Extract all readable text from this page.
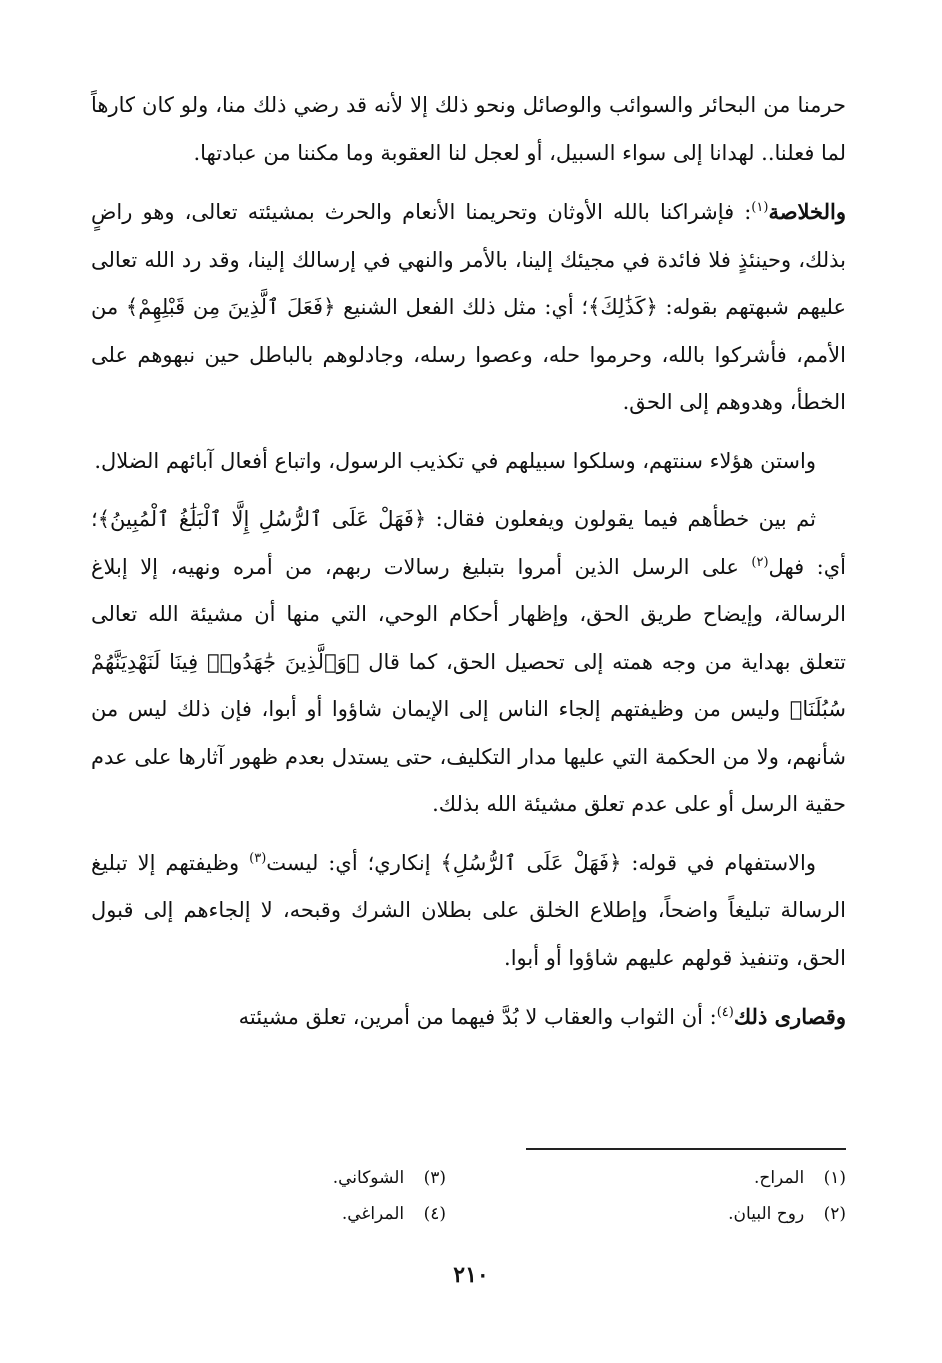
حرمنا من البحائر والسوائب والوصائل ونحو ذلك إلا لأنه قد رضي ذلك منا، ولو كان كارهاً لما فعلنا.. لهدانا إلى سواء السبيل، أو لعجل لنا العقوبة وما مكننا من عبادتها.

والخلاصة$^{(١)}$: فإشراكنا بالله الأوثان وتحريمنا الأنعام والحرث بمشيئته تعالى، وهو راضٍ بذلك، وحينئذٍ فلا فائدة في مجيئك إلينا، بالأمر والنهي في إرسالك إلينا، وقد رد الله تعالى عليهم شبهتهم بقوله: ﴿كَذَٰلِكَ﴾؛ أي: مثل ذلك الفعل الشنيع ﴿فَعَلَ ٱلَّذِينَ مِن قَبْلِهِمْ﴾ من الأمم، فأشركوا بالله، وحرموا حله، وعصوا رسله، وجادلوهم بالباطل حين نبهوهم على الخطأ، وهدوهم إلى الحق.

واستن هؤلاء سنتهم، وسلكوا سبيلهم في تكذيب الرسول، واتباع أفعال آبائهم الضلال.

ثم بين خطأهم فيما يقولون ويفعلون فقال: ﴿فَهَلْ عَلَى ٱلرُّسُلِ إِلَّا ٱلْبَلَٰغُ ٱلْمُبِينُ﴾؛ أي: فهل$^{(٢)}$ على الرسل الذين أمروا بتبليغ رسالات ربهم، من أمره ونهيه، إلا إبلاغ الرسالة، وإيضاح طريق الحق، وإظهار أحكام الوحي، التي منها أن مشيئة الله تعالى تتعلق بهداية من وجه همته إلى تحصيل الحق، كما قال ﴿وَٱلَّذِينَ جَٰهَدُوا۟ فِينَا لَنَهْدِيَنَّهُمْ سُبُلَنَا﴾ وليس من وظيفتهم إلجاء الناس إلى الإيمان شاؤوا أو أبوا، فإن ذلك ليس من شأنهم، ولا من الحكمة التي عليها مدار التكليف، حتى يستدل بعدم ظهور آثارها على عدم حقية الرسل أو على عدم تعلق مشيئة الله بذلك.

والاستفهام في قوله: ﴿فَهَلْ عَلَى ٱلرُّسُلِ﴾ إنكاري؛ أي: ليست$^{(٣)}$ وظيفتهم إلا تبليغ الرسالة تبليغاً واضحاً، وإطلاع الخلق على بطلان الشرك وقبحه، لا إلجاءهم إلى قبول الحق، وتنفيذ قولهم عليهم شاؤوا أو أبوا.

وقصارى ذلك$^{(٤)}$: أن الثواب والعقاب لا بُدَّ فيهما من أمرين، تعلق مشيئته

(١) المراح.
(٢) روح البيان.
(٣) الشوكاني.
(٤) المراغي.
٢١٠
